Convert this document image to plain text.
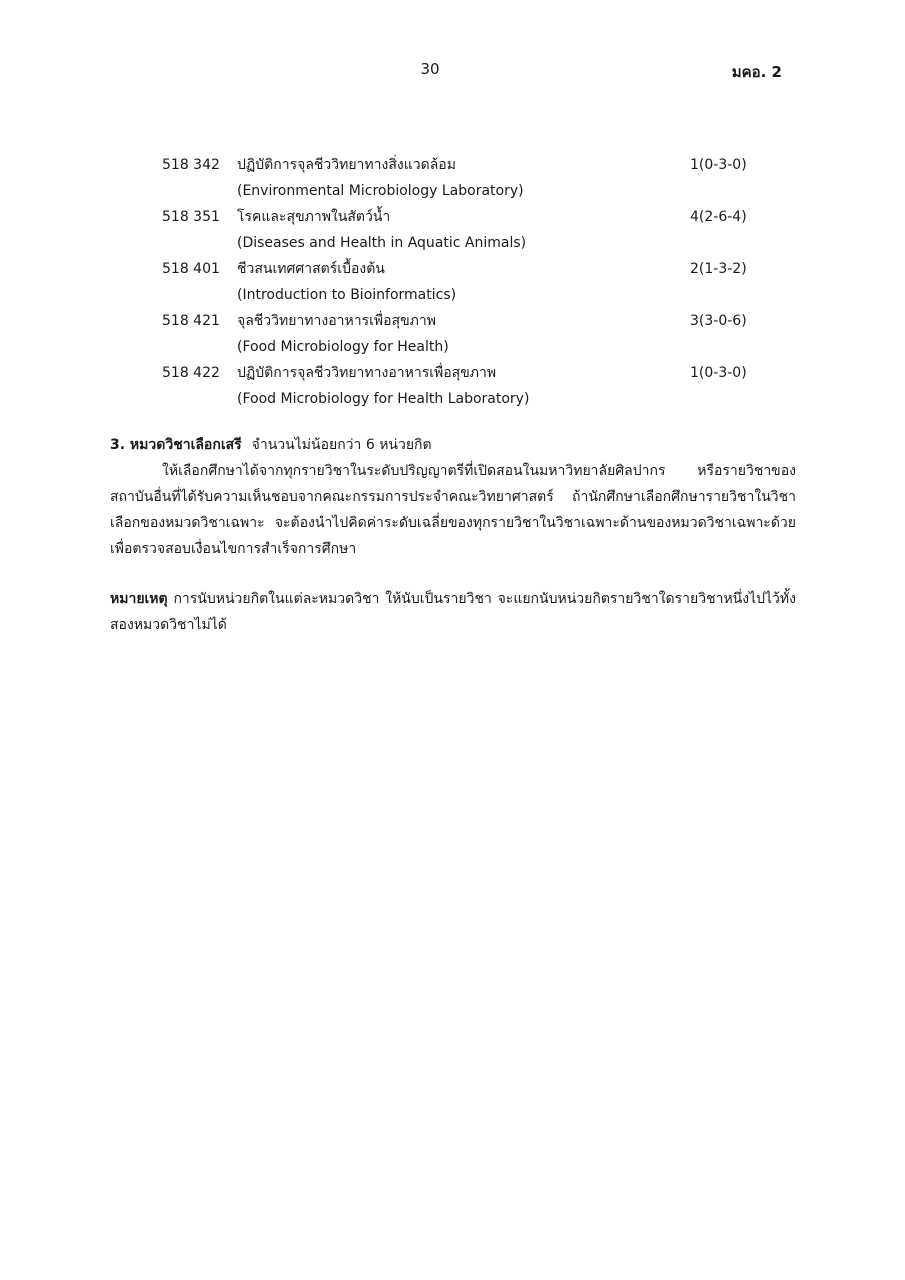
30	มคอ. 2
518 342 ปฏิบัติการจุลชีววิทยาทางสิ่งแวดล้อม	1(0-3-0)
(Environmental Microbiology Laboratory)
518 351 โรคและสุขภาพในสัตว์น้ำ	4(2-6-4)
(Diseases and Health in Aquatic Animals)
518 401 ชีวสนเทศศาสตร์เบื้องต้น	2(1-3-2)
(Introduction to Bioinformatics)
518 421 จุลชีววิทยาทางอาหารเพื่อสุขภาพ	3(3-0-6)
(Food Microbiology for Health)
518 422 ปฏิบัติการจุลชีววิทยาทางอาหารเพื่อสุขภาพ	1(0-3-0)
(Food Microbiology for Health Laboratory)

3. หมวดวิชาเลือกเสรี จำนวนไม่น้อยกว่า 6 หน่วยกิต

ให้เลือกศึกษาได้จากทุกรายวิชาในระดับปริญญาตรีที่เปิดสอนในมหาวิทยาลัยศิลปากร หรือรายวิชาของสถาบันอื่นที่ได้รับความเห็นชอบจากคณะกรรมการประจำคณะวิทยาศาสตร์ ถ้านักศึกษาเลือกศึกษารายวิชาในวิชาเลือกของหมวดวิชาเฉพาะ จะต้องนำไปคิดค่าระดับเฉลี่ยของทุกรายวิชาในวิชาเฉพาะด้านของหมวดวิชาเฉพาะด้วยเพื่อตรวจสอบเงื่อนไขการสำเร็จการศึกษา

หมายเหตุ การนับหน่วยกิตในแต่ละหมวดวิชา ให้นับเป็นรายวิชา จะแยกนับหน่วยกิตรายวิชาใดรายวิชาหนึ่งไปไว้ทั้งสองหมวดวิชาไม่ได้
